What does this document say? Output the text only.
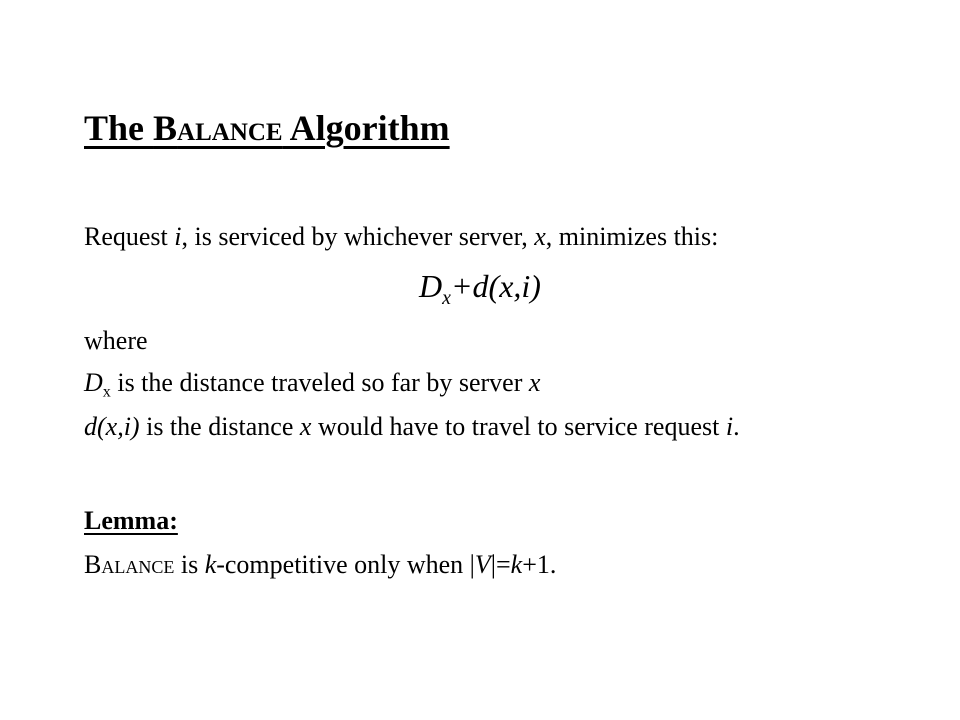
The BALANCE Algorithm
Request i, is serviced by whichever server, x, minimizes this:
$D_x+d(x,i)$
where
$D_x$ is the distance traveled so far by server x
d(x,i) is the distance x would have to travel to service request i.
Lemma:
BALANCE is k-competitive only when |V|=k+1.
